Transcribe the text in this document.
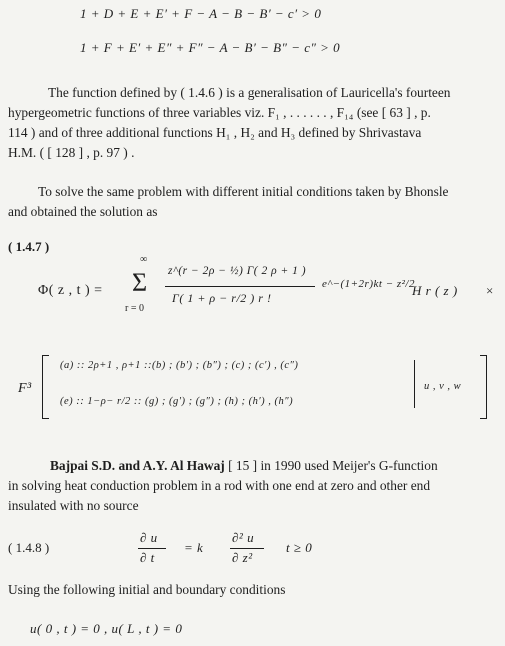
1 + D + E + E′ + F − A − B − B′ − c′ > 0
1 + F + E′ + E″ + F″ − A − B′ − B″ − c″ > 0
The function defined by ( 1.4.6 ) is a generalisation of Lauricella's fourteen
hypergeometric functions of three variables viz. F₁ , . . . . . . , F₁₄ (see [ 63 ] , p.
114 ) and of three additional functions H₁ , H₂ and H₃ defined by Shrivastava
H.M. ( [ 128 ] , p. 97 ) .
To solve the same problem with different initial conditions taken by Bhonsle
and obtained the solution as
( 1.4.7 )
Φ( z , t ) =
∞
Σ
r = 0
z^(r − 2ρ − ½) Γ( 2 ρ + 1 )
Γ( 1 + ρ − r/2 ) r !
e^−(1+2r)kt − z²/2
H r ( z ) ×
F³
(a) :: 2ρ+1 , ρ+1 ::(b) ; (b′) ; (b″) ; (c) ; (c′) , (c″)
(e) :: 1−ρ− r/2 :: (g) ; (g′) ; (g″) ; (h) ; (h′) , (h″)
u , v , w
Bajpai S.D. and A.Y. Al Hawaj [ 15 ] in 1990 used Meijer's G-function
in solving heat conduction problem in a rod with one end at zero and other end
insulated with no source
( 1.4.8 )
∂ u
∂ t
= k
∂² u
∂ z²
t ≥ 0
Using the following initial and boundary conditions
u( 0 , t ) = 0 , u( L , t ) = 0
